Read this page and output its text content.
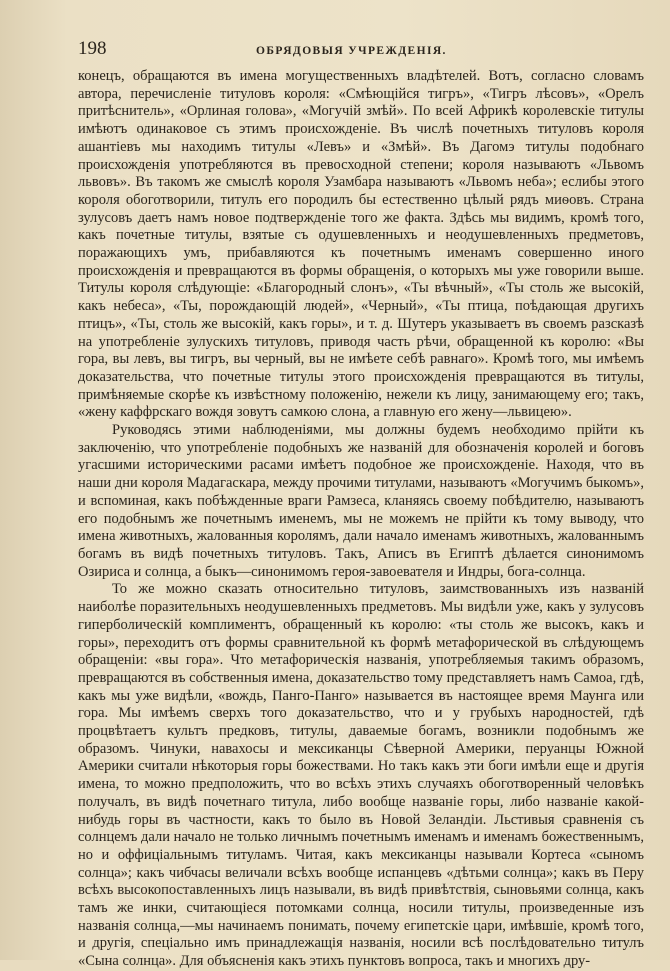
198	ОБРЯДОВЫЯ УЧРЕЖДЕНІЯ.

конецъ, обращаются въ имена могущественныхъ владѣтелей. Вотъ, согласно словамъ автора, перечисленіе титуловъ короля: «Смѣющійся тигръ», «Тигръ лѣсовъ», «Орелъ притѣснитель», «Орлиная голова», «Могучій змѣй». По всей Африкѣ королевскіе титулы имѣютъ одинаковое съ этимъ происхожденіе. Въ числѣ почетныхъ титуловъ короля ашантіевъ мы находимъ титулы «Левъ» и «Змѣй». Въ Дагомэ титулы подобнаго происхожденія употребляются въ превосходной степени; короля называютъ «Львомъ львовъ». Въ такомъ же смыслѣ короля Узамбара называютъ «Львомъ неба»; еслибы этого короля обоготворили, титулъ его породилъ бы естественно цѣлый рядъ миѳовъ. Страна зулусовъ даетъ намъ новое подтвержденіе того же факта. Здѣсь мы видимъ, кромѣ того, какъ почетные титулы, взятые съ одушевленныхъ и неодушевленныхъ предметовъ, поражающихъ умъ, прибавляются къ почетнымъ именамъ совершенно иного происхожденія и превращаются въ формы обращенія, о которыхъ мы уже говорили выше. Титулы короля слѣдующіе: «Благородный слонъ», «Ты вѣчный», «Ты столь же высокій, какъ небеса», «Ты, порождающій людей», «Черный», «Ты птица, поѣдающая другихъ птицъ», «Ты, столь же высокій, какъ горы», и т. д. Шутеръ указываетъ въ своемъ разсказѣ на употребленіе зулускихъ титуловъ, приводя часть рѣчи, обращенной къ королю: «Вы гора, вы левъ, вы тигръ, вы черный, вы не имѣете себѣ равнаго». Кромѣ того, мы имѣемъ доказательства, что почетные титулы этого происхожденія превращаются въ титулы, примѣняемые скорѣе къ извѣстному положенію, нежели къ лицу, занимающему его; такъ, «жену каффрскаго вождя зовутъ самкою слона, а главную его жену—львицею».

Руководясь этими наблюденіями, мы должны будемъ необходимо прійти къ заключенію, что употребленіе подобныхъ же названій для обозначенія королей и боговъ угасшими историческими расами имѣетъ подобное же происхожденіе. Находя, что въ наши дни короля Мадагаскара, между прочими титулами, называютъ «Могучимъ быкомъ», и вспоминая, какъ побѣжденные враги Рамзеса, кланяясь своему побѣдителю, называютъ его подобнымъ же почетнымъ именемъ, мы не можемъ не прійти къ тому выводу, что имена животныхъ, жалованныя королямъ, дали начало именамъ животныхъ, жалованнымъ богамъ въ видѣ почетныхъ титуловъ. Такъ, Аписъ въ Египтѣ дѣлается синонимомъ Озириса и солнца, а быкъ—синонимомъ героя-завоевателя и Индры, бога-солнца.

То же можно сказать относительно титуловъ, заимствованныхъ изъ названій наиболѣе поразительныхъ неодушевленныхъ предметовъ. Мы видѣли уже, какъ у зулусовъ гиперболическій комплиментъ, обращенный къ королю: «ты столь же высокъ, какъ и горы», переходитъ отъ формы сравнительной къ формѣ метафорической въ слѣдующемъ обращеніи: «вы гора». Что метафорическія названія, употребляемыя такимъ образомъ, превращаются въ собственныя имена, доказательство тому представляетъ намъ Самоа, гдѣ, какъ мы уже видѣли, «вождь, Панго-Панго» называется въ настоящее время Маунга или гора. Мы имѣемъ сверхъ того доказательство, что и у грубыхъ народностей, гдѣ процвѣтаетъ культъ предковъ, титулы, даваемые богамъ, возникли подобнымъ же образомъ. Чинуки, навахосы и мексиканцы Сѣверной Америки, перуанцы Южной Америки считали нѣкоторыя горы божествами. Но такъ какъ эти боги имѣли еще и другія имена, то можно предположить, что во всѣхъ этихъ случаяхъ обоготворенный человѣкъ получалъ, въ видѣ почетнаго титула, либо вообще названіе горы, либо названіе какой-нибудь горы въ частности, какъ то было въ Новой Зеландіи. Льстивыя сравненія съ солнцемъ дали начало не только личнымъ почетнымъ именамъ и именамъ божественнымъ, но и оффиціальнымъ титуламъ. Читая, какъ мексиканцы называли Кортеса «сыномъ солнца»; какъ чибчасы величали всѣхъ вообще испанцевъ «дѣтьми солнца»; какъ въ Перу всѣхъ высокопоставленныхъ лицъ называли, въ видѣ привѣтствія, сыновьями солнца, какъ тамъ же инки, считающіеся потомками солнца, носили титулы, произведенные изъ названія солнца,—мы начинаемъ понимать, почему египетскіе цари, имѣвшіе, кромѣ того, и другія, спеціально имъ принадлежащія названія, носили всѣ послѣдовательно титулъ «Сына солнца». Для объясненія какъ этихъ пунктовъ вопроса, такъ и многихъ дру-
